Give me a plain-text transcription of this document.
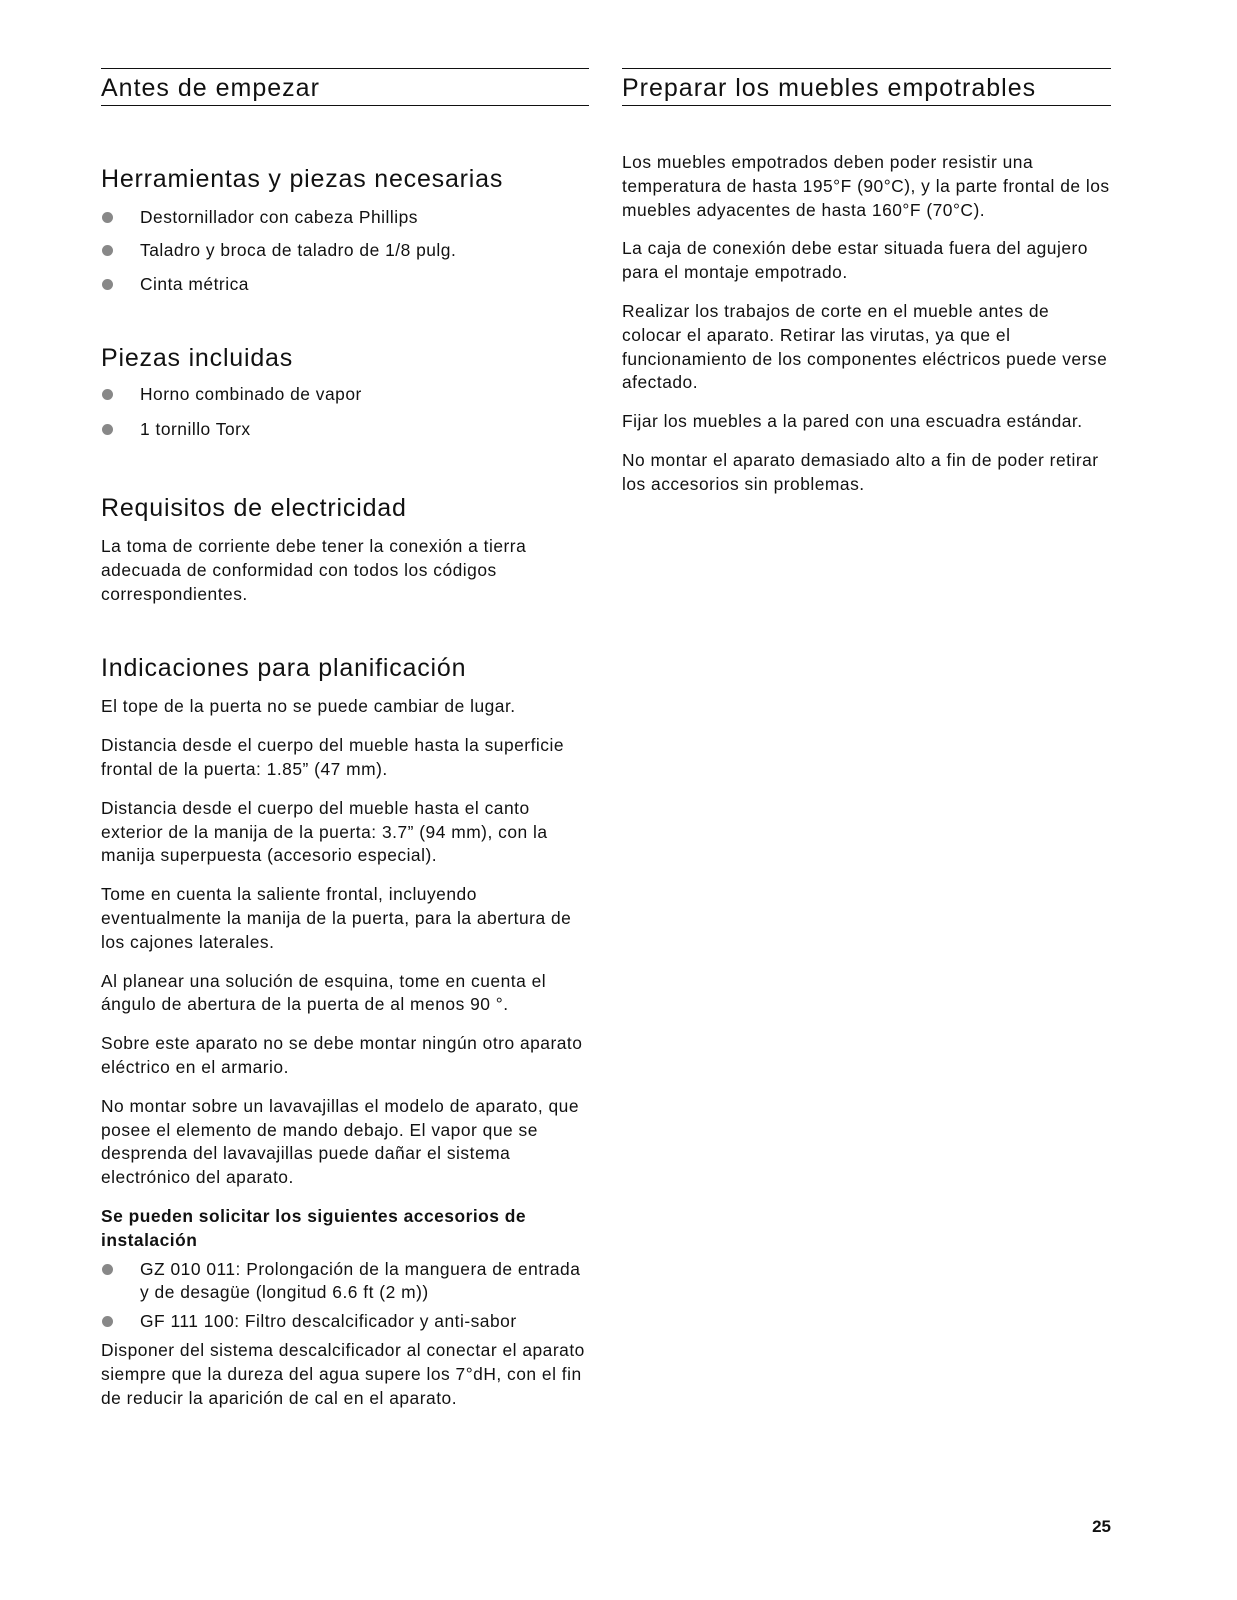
Antes de empezar
Herramientas y piezas necesarias
Destornillador con cabeza Phillips
Taladro y broca de taladro de 1/8 pulg.
Cinta métrica
Piezas incluidas
Horno combinado de vapor
1 tornillo Torx
Requisitos de electricidad

La toma de corriente debe tener la conexión a tierra adecuada de conformidad con todos los códigos correspondientes.

Indicaciones para planificación

El tope de la puerta no se puede cambiar de lugar.

Distancia desde el cuerpo del mueble hasta la superficie frontal de la puerta: 1.85” (47 mm).

Distancia desde el cuerpo del mueble hasta el canto exterior de la manija de la puerta: 3.7” (94 mm), con la manija superpuesta (accesorio especial).

Tome en cuenta la saliente frontal, incluyendo eventualmente la manija de la puerta, para la abertura de los cajones laterales.

Al planear una solución de esquina, tome en cuenta el ángulo de abertura de la puerta de al menos 90 °.

Sobre este aparato no se debe montar ningún otro aparato eléctrico en el armario.

No montar sobre un lavavajillas el modelo de aparato, que posee el elemento de mando debajo. El vapor que se desprenda del lavavajillas puede dañar el sistema electrónico del aparato.

Se pueden solicitar los siguientes accesorios de instalación

GZ 010 011: Prolongación de la manguera de entrada y de desagüe (longitud 6.6 ft (2 m))
GF 111 100: Filtro descalcificador y anti-sabor

Disponer del sistema descalcificador al conectar el aparato siempre que la dureza del agua supere los 7°dH, con el fin de reducir la aparición de cal en el aparato.

Preparar los muebles empotrables

Los muebles empotrados deben poder resistir una temperatura de hasta 195°F (90°C), y la parte frontal de los muebles adyacentes de hasta 160°F (70°C).

La caja de conexión debe estar situada fuera del agujero para el montaje empotrado.

Realizar los trabajos de corte en el mueble antes de colocar el aparato. Retirar las virutas, ya que el funcionamiento de los componentes eléctricos puede verse afectado.

Fijar los muebles a la pared con una escuadra estándar.

No montar el aparato demasiado alto a fin de poder retirar los accesorios sin problemas.

25
